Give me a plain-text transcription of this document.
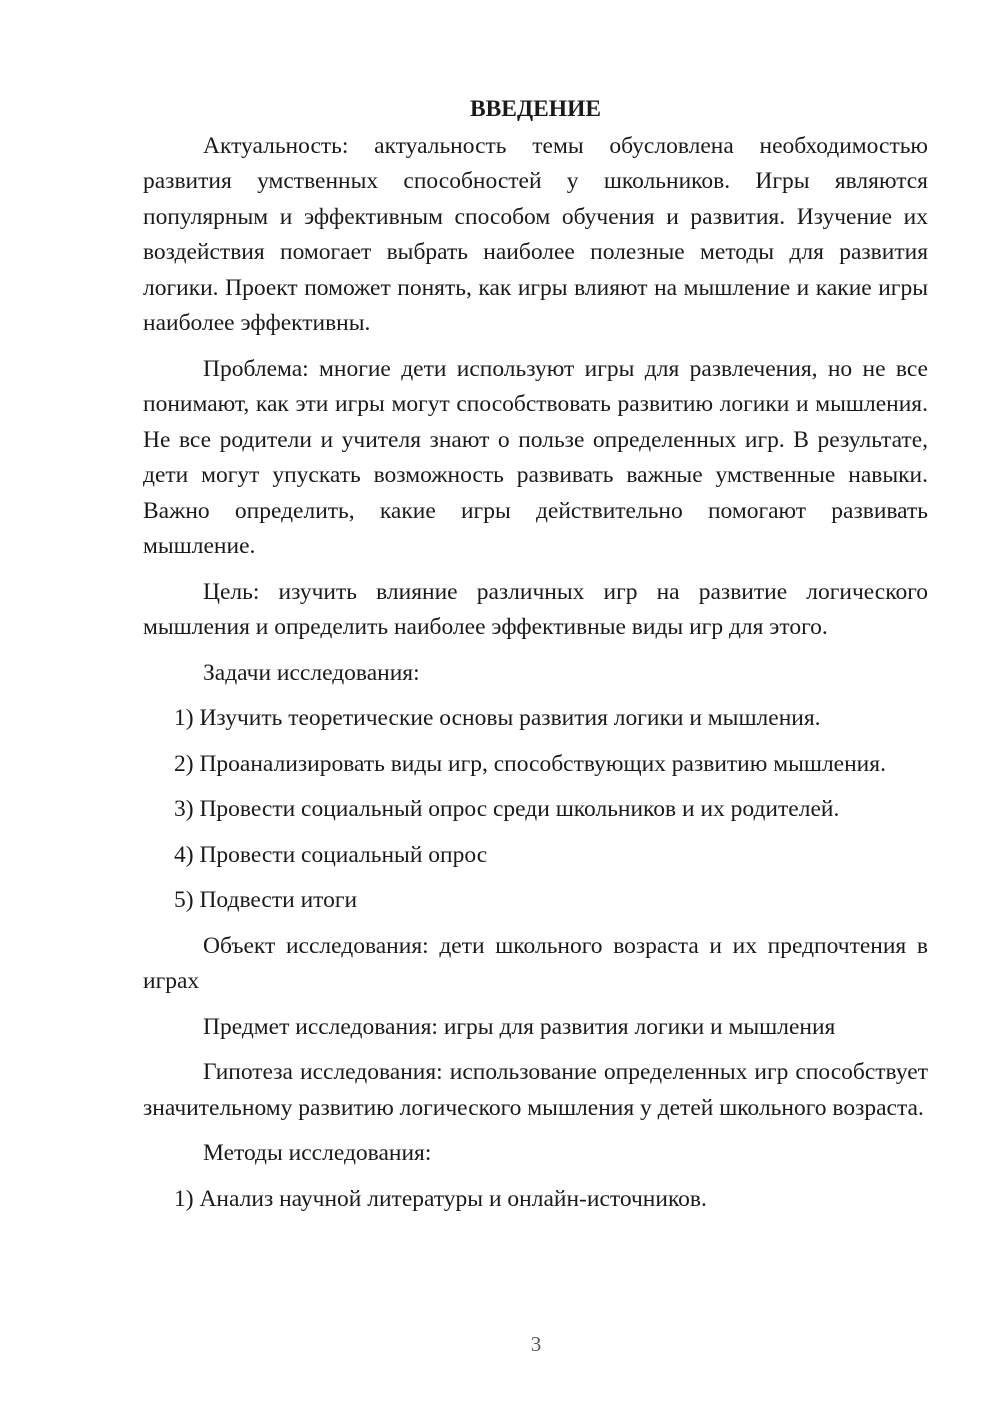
ВВЕДЕНИЕ

Актуальность: актуальность темы обусловлена необходимостью развития умственных способностей у школьников. Игры являются популярным и эффективным способом обучения и развития. Изучение их воздействия помогает выбрать наиболее полезные методы для развития логики. Проект поможет понять, как игры влияют на мышление и какие игры наиболее эффективны.

Проблема: многие дети используют игры для развлечения, но не все понимают, как эти игры могут способствовать развитию логики и мышления. Не все родители и учителя знают о пользе определенных игр. В результате, дети могут упускать возможность развивать важные умственные навыки. Важно определить, какие игры действительно помогают развивать мышление.

Цель: изучить влияние различных игр на развитие логического мышления и определить наиболее эффективные виды игр для этого.

Задачи исследования:

1) Изучить теоретические основы развития логики и мышления.

2) Проанализировать виды игр, способствующих развитию мышления.

3) Провести социальный опрос среди школьников и их родителей.

4) Провести социальный опрос

5) Подвести итоги

Объект исследования: дети школьного возраста и их предпочтения в играх

Предмет исследования: игры для развития логики и мышления

Гипотеза исследования: использование определенных игр способствует значительному развитию логического мышления у детей школьного возраста.

Методы исследования:

1) Анализ научной литературы и онлайн-источников.

3
